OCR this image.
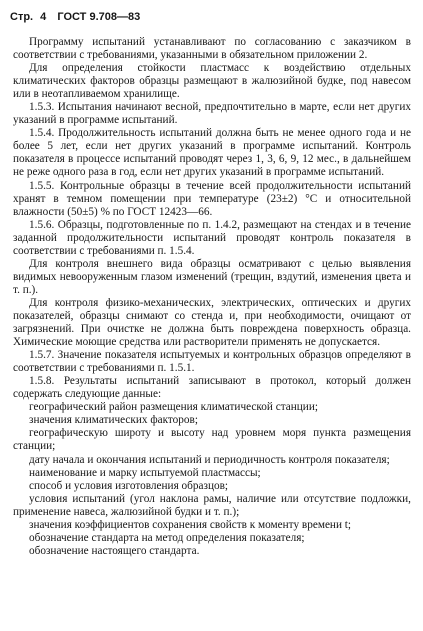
Стр. 4 ГОСТ 9.708—83

Программу испытаний устанавливают по согласованию с заказчиком в соответствии с требованиями, указанными в обязательном приложении 2.

Для определения стойкости пластмасс к воздействию отдельных климатических факторов образцы размещают в жалюзийной будке, под навесом или в неотапливаемом хранилище.

1.5.3. Испытания начинают весной, предпочтительно в марте, если нет других указаний в программе испытаний.

1.5.4. Продолжительность испытаний должна быть не менее одного года и не более 5 лет, если нет других указаний в программе испытаний. Контроль показателя в процессе испытаний проводят через 1, 3, 6, 9, 12 мес., в дальнейшем не реже одного раза в год, если нет других указаний в программе испытаний.

1.5.5. Контрольные образцы в течение всей продолжительности испытаний хранят в темном помещении при температуре (23±2) °С и относительной влажности (50±5) % по ГОСТ 12423—66.

1.5.6. Образцы, подготовленные по п. 1.4.2, размещают на стендах и в течение заданной продолжительности испытаний проводят контроль показателя в соответствии с требованиями п. 1.5.4.

Для контроля внешнего вида образцы осматривают с целью выявления видимых невооруженным глазом изменений (трещин, вздутий, изменения цвета и т. п.).

Для контроля физико-механических, электрических, оптических и других показателей, образцы снимают со стенда и, при необходимости, очищают от загрязнений. При очистке не должна быть повреждена поверхность образца. Химические моющие средства или растворители применять не допускается.

1.5.7. Значение показателя испытуемых и контрольных образцов определяют в соответствии с требованиями п. 1.5.1.

1.5.8. Результаты испытаний записывают в протокол, который должен содержать следующие данные:

географический район размещения климатической станции;

значения климатических факторов;

географическую широту и высоту над уровнем моря пункта размещения станции;

дату начала и окончания испытаний и периодичность контроля показателя;

наименование и марку испытуемой пластмассы;

способ и условия изготовления образцов;

условия испытаний (угол наклона рамы, наличие или отсутствие подложки, применение навеса, жалюзийной будки и т. п.);

значения коэффициентов сохранения свойств к моменту времени t;

обозначение стандарта на метод определения показателя;

обозначение настоящего стандарта.
